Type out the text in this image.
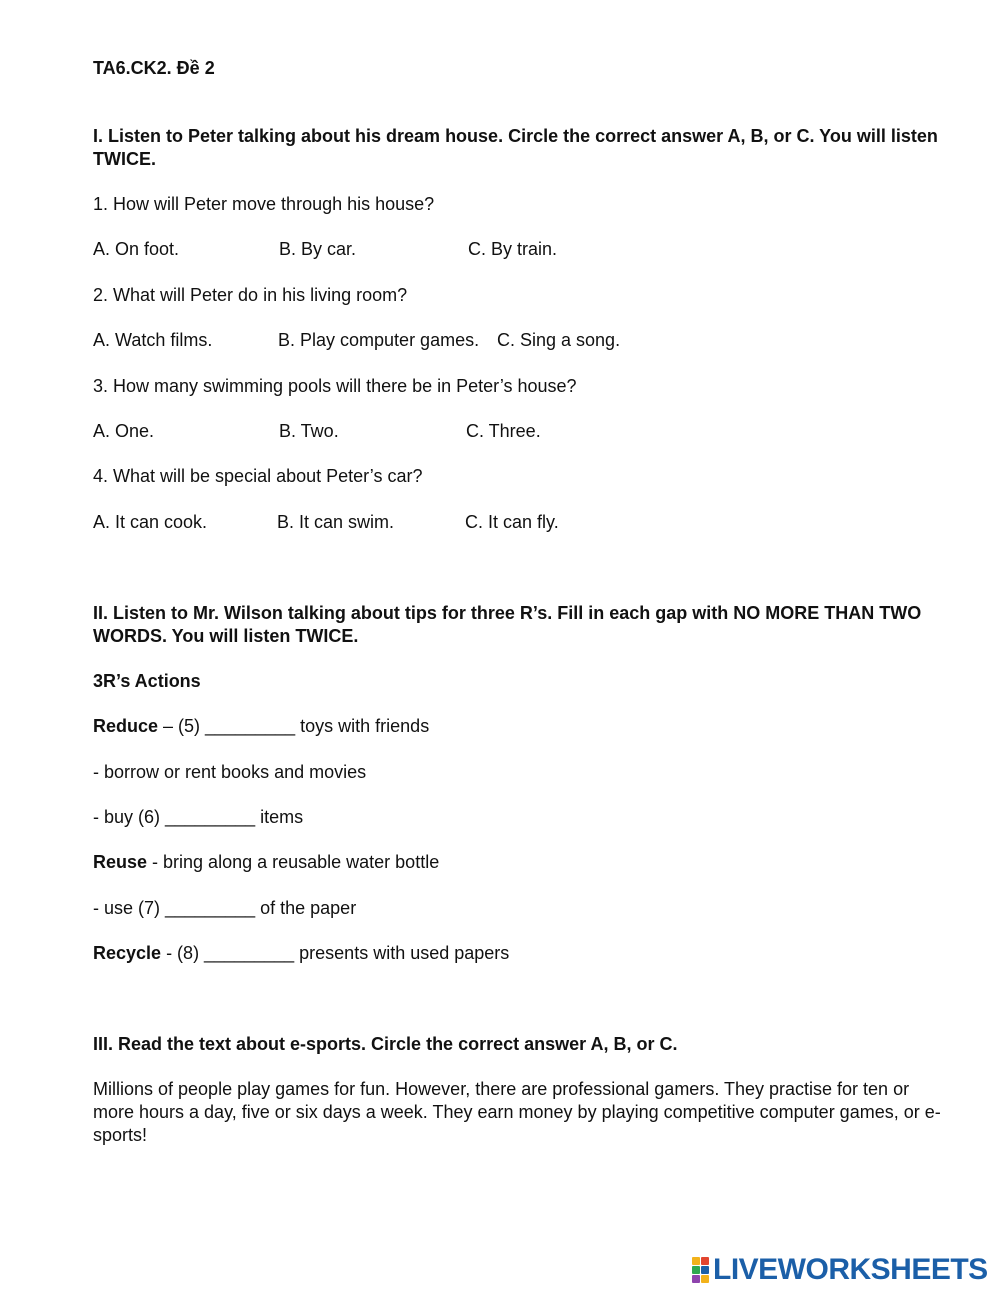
TA6.CK2. Đề 2
I. Listen to Peter talking about his dream house. Circle the correct answer A, B, or C. You will listen TWICE.
1. How will Peter move through his house?
A. On foot.	B. By car.	C. By train.
2. What will Peter do in his living room?
A. Watch films.	B. Play computer games. C. Sing a song.
3. How many swimming pools will there be in Peter’s house?
A. One.	B. Two.	C. Three.
4. What will be special about Peter’s car?
A. It can cook.	B. It can swim.	C. It can fly.
II. Listen to Mr. Wilson talking about tips for three R’s. Fill in each gap with NO MORE THAN TWO WORDS. You will listen TWICE.
3R’s Actions
Reduce – (5) _________ toys with friends
- borrow or rent books and movies
- buy (6) _________ items
Reuse - bring along a reusable water bottle
- use (7) _________ of the paper
Recycle - (8) _________ presents with used papers
III. Read the text about e-sports. Circle the correct answer A, B, or C.
Millions of people play games for fun. However, there are professional gamers. They practise for ten or more hours a day, five or six days a week. They earn money by playing competitive computer games, or e-sports!
LIVEWORKSHEETS
